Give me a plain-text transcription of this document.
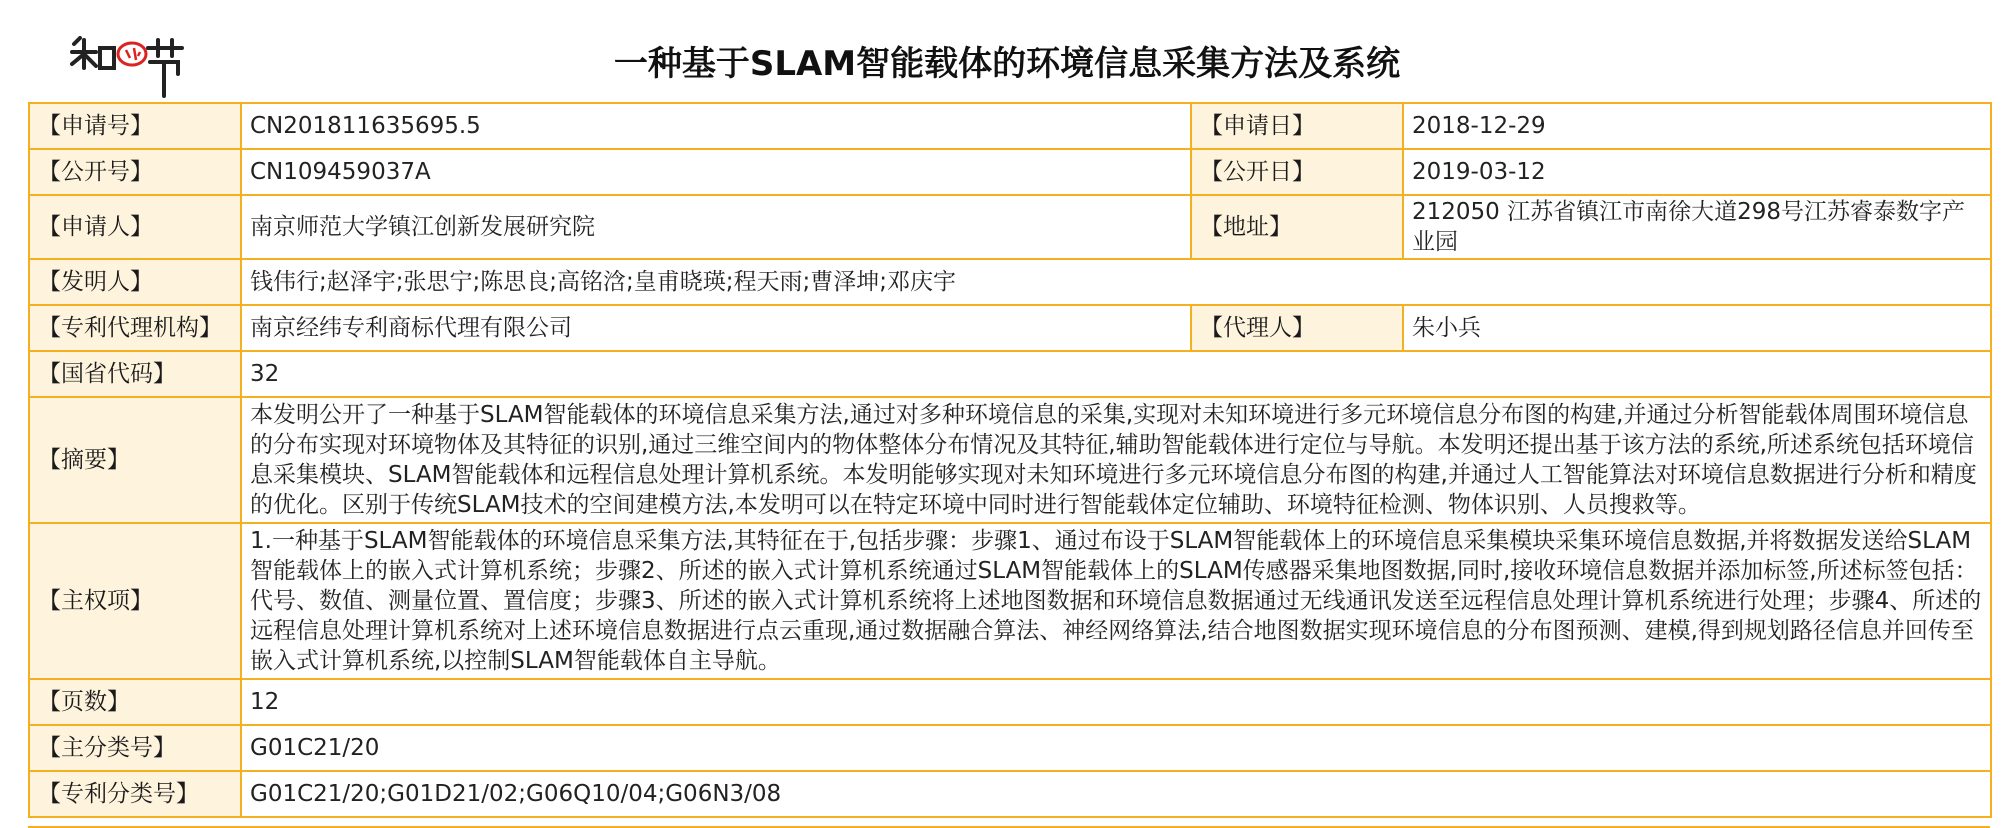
一种基于SLAM智能载体的环境信息采集方法及系统
【申请号】	CN201811635695.5	【申请日】	2018-12-29
【公开号】	CN109459037A	【公开日】	2019-03-12
【申请人】	南京师范大学镇江创新发展研究院	【地址】	212050 江苏省镇江市南徐大道298号江苏睿泰数字产业园
【发明人】	钱伟行;赵泽宇;张思宁;陈思良;高铭浛;皇甫晓瑛;程天雨;曹泽坤;邓庆宇		
【专利代理机构】	南京经纬专利商标代理有限公司	【代理人】	朱小兵
【国省代码】	32		
【摘要】	本发明公开了一种基于SLAM智能载体的环境信息采集方法,通过对多种环境信息的采集,实现对未知环境进行多元环境信息分布图的构建,并通过分析智能载体周围环境信息的分布实现对环境物体及其特征的识别,通过三维空间内的物体整体分布情况及其特征,辅助智能载体进行定位与导航。本发明还提出基于该方法的系统,所述系统包括环境信息采集模块、SLAM智能载体和远程信息处理计算机系统。本发明能够实现对未知环境进行多元环境信息分布图的构建,并通过人工智能算法对环境信息数据进行分析和精度的优化。区别于传统SLAM技术的空间建模方法,本发明可以在特定环境中同时进行智能载体定位辅助、环境特征检测、物体识别、人员搜救等。		
【主权项】	1.一种基于SLAM智能载体的环境信息采集方法,其特征在于,包括步骤：步骤1、通过布设于SLAM智能载体上的环境信息采集模块采集环境信息数据,并将数据发送给SLAM智能载体上的嵌入式计算机系统；步骤2、所述的嵌入式计算机系统通过SLAM智能载体上的SLAM传感器采集地图数据,同时,接收环境信息数据并添加标签,所述标签包括：代号、数值、测量位置、置信度；步骤3、所述的嵌入式计算机系统将上述地图数据和环境信息数据通过无线通讯发送至远程信息处理计算机系统进行处理；步骤4、所述的远程信息处理计算机系统对上述环境信息数据进行点云重现,通过数据融合算法、神经网络算法,结合地图数据实现环境信息的分布图预测、建模,得到规划路径信息并回传至嵌入式计算机系统,以控制SLAM智能载体自主导航。		
【页数】	12		
【主分类号】	G01C21/20		
【专利分类号】	G01C21/20;G01D21/02;G06Q10/04;G06N3/08		
